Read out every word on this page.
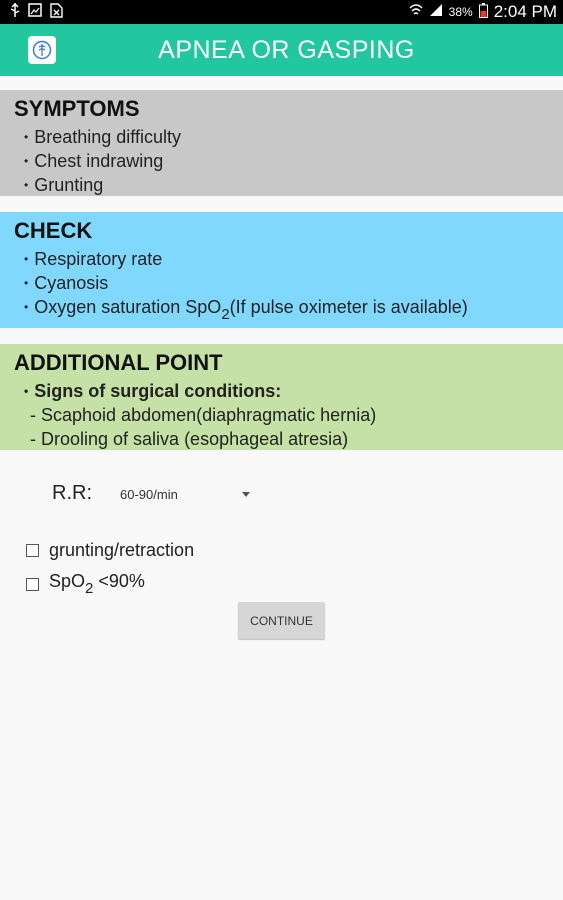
38% 2:04 PM
APNEA OR GASPING
SYMPTOMS
• Breathing difficulty
• Chest indrawing
• Grunting
CHECK
• Respiratory rate
• Cyanosis
• Oxygen saturation SpO$_2$(If pulse oximeter is available)
ADDITIONAL POINT
• Signs of surgical conditions:
- Scaphoid abdomen(diaphragmatic hernia)
- Drooling of saliva (esophageal atresia)
R.R: 60-90/min
grunting/retraction
SpO$_2$ <90%
CONTINUE
